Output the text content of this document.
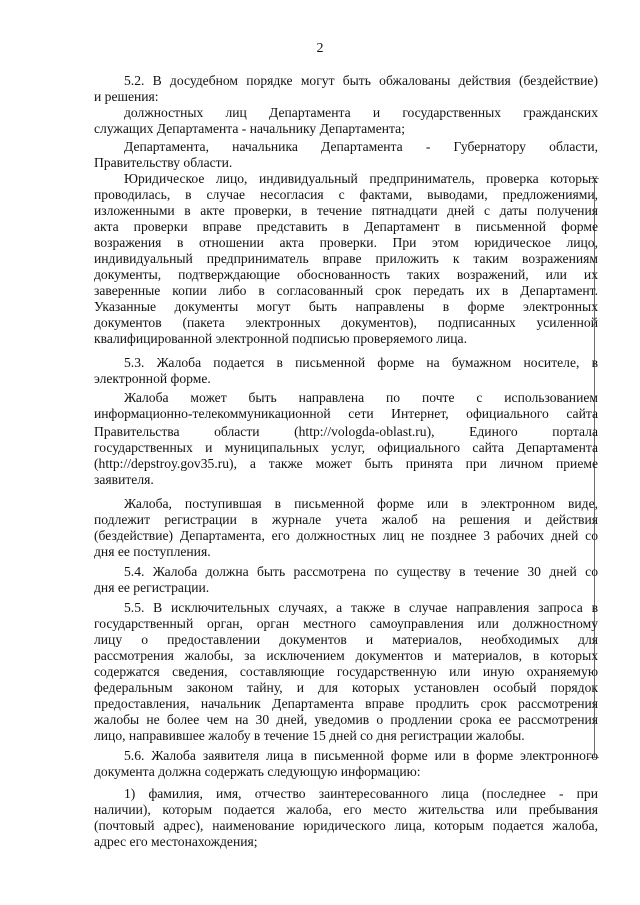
2
5.2. В досудебном порядке могут быть обжалованы действия (бездействие)
и решения:
должностных лиц Департамента и государственных гражданских
служащих Департамента - начальнику Департамента;
Департамента, начальника Департамента - Губернатору области,
Правительству области.
Юридическое лицо, индивидуальный предприниматель, проверка которых
проводилась, в случае несогласия с фактами, выводами, предложениями,
изложенными в акте проверки, в течение пятнадцати дней с даты получения
акта проверки вправе представить в Департамент в письменной форме
возражения в отношении акта проверки. При этом юридическое лицо,
индивидуальный предприниматель вправе приложить к таким возражениям
документы, подтверждающие обоснованность таких возражений, или их
заверенные копии либо в согласованный срок передать их в Департамент.
Указанные документы могут быть направлены в форме электронных
документов (пакета электронных документов), подписанных усиленной
квалифицированной электронной подписью проверяемого лица.
5.3. Жалоба подается в письменной форме на бумажном носителе, в
электронной форме.
Жалоба может быть направлена по почте с использованием
информационно-телекоммуникационной сети Интернет, официального сайта
Правительства области (http://vologda-oblast.ru), Единого портала
государственных и муниципальных услуг, официального сайта Департамента
(http://depstroy.gov35.ru), а также может быть принята при личном приеме
заявителя.
Жалоба, поступившая в письменной форме или в электронном виде,
подлежит регистрации в журнале учета жалоб на решения и действия
(бездействие) Департамента, его должностных лиц не позднее 3 рабочих дней со
дня ее поступления.
5.4. Жалоба должна быть рассмотрена по существу в течение 30 дней со
дня ее регистрации.
5.5. В исключительных случаях, а также в случае направления запроса в
государственный орган, орган местного самоуправления или должностному
лицу о предоставлении документов и материалов, необходимых для
рассмотрения жалобы, за исключением документов и материалов, в которых
содержатся сведения, составляющие государственную или иную охраняемую
федеральным законом тайну, и для которых установлен особый порядок
предоставления, начальник Департамента вправе продлить срок рассмотрения
жалобы не более чем на 30 дней, уведомив о продлении срока ее рассмотрения
лицо, направившее жалобу в течение 15 дней со дня регистрации жалобы.
5.6. Жалоба заявителя лица в письменной форме или в форме электронного
документа должна содержать следующую информацию:
1) фамилия, имя, отчество заинтересованного лица (последнее - при
наличии), которым подается жалоба, его место жительства или пребывания
(почтовый адрес), наименование юридического лица, которым подается жалоба,
адрес его местонахождения;
